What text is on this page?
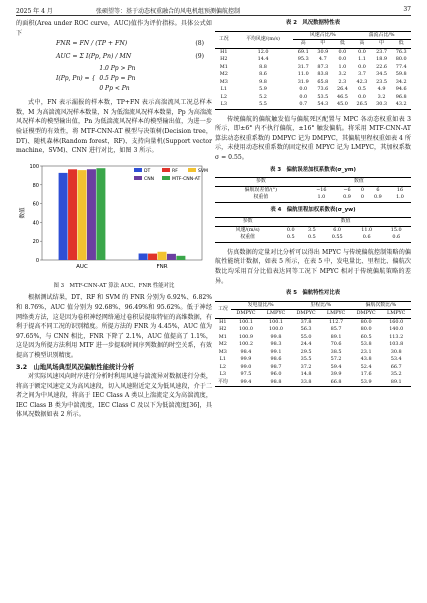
2025 年 4 月	张硕望等：基于动态权重融合的风电机组预测偏航控制	37

的面积(Area under ROC curve，AUC)值作为评价指标。具体公式如下

FNR = FN / (TP + FN)	(8)
AUC = Σ I(Pp, Pn) / MN	(9)
I(Pp, Pn) = {
1.0 Pp > Pn
0.5 Pp = Pn
0 Pp < Pn

式中，FN 表示漏报的样本数，TP+FN 表示高湍流风工况总样本数，M 为高湍流风况样本数量，N 为低湍流风况样本数量，Pp 为高湍流风况样本的模型输出值，Pn 为低湍流风况样本的模型输出值，为进一步验证模型的有效性，将 MTF-CNN-AT 模型与决策树(Decision tree，DT)、随机森林(Random forest，RF)、支持向量机(Support vector machine，SVM)、CNN 进行对比，如图 3 所示。

0
20
40
60
80
100
数值
AUC	FNR
DT	RF	SVM
CNN	MTF-CNN-AT
图 3　MTF-CNN-AT 算法 AUC、FNR 性能对比

根据测试结果，DT、RF 和 SVM 的 FNR 分别为 6.92%、6.82%和 8.76%，AUC 值分别为 92.68%、96.49%和 95.62%。低于神经网络类方法，这是因为卷积神经网络通过卷积层提取特征的高维数据，有利于提高不同工况的识别精度。所提方法的 FNR 为 4.45%，AUC 值为 97.65%，与 CNN 相比，FNR 下降了 2.1%，AUC 值提高了 1.1%，这是因为所提方法利用 MTF 进一步提取时间序列数据的时空关系，有效提高了模型识别精度。

3.2　山地风场典型风况偏航性能统计分析

对实际风速风向时序进行分析时利用风速与湍流异对数据进行分类，将高于额定风速定义为高风速段，切入风速附近定义为低风速段，介于二者之间为中风速段，将高于 IEC Class A 类以上湍流定义为高湍流度，IEC Class B 类为中湍流度，IEC Class C 及以下为低湍流度[36]，具体风况数据如表 2 所示。

表 2　风况数据特性表
工况	平均风速/(m/s)	风速占比/%			湍流占比/%		
		高	中	低	高	中	低
H1	12.0	69.1	30.9	0.0	0.0	23.7	76.3
H2	14.4	95.3	4.7	0.0	1.1	18.9	80.0
M1	8.8	31.7	87.3	1.0	0.0	22.6	77.4
M2	8.6	11.0	83.8	3.2	3.7	34.5	59.8
M3	9.8	31.9	65.8	2.3	42.3	23.5	34.2
L1	5.9	0.0	73.6	26.4	0.5	4.9	94.6
L2	5.2	0.0	53.5	46.5	0.0	3.2	96.8
L3	5.5	0.7	54.3	45.0	26.5	30.3	43.2

传统偏航的偏航触发值与偏航死区配置与 MPC 各动态权重如表 3 所示，即±6° 内不执行偏航，±16° 触发偏航。将采用 MTF-CNN-AT 算法动态权重系数的 DMPYC 记为 DMPYC，其偏航里程权重如表 4 所示，未使用动态权重系数的固定权重 MPYC 记为 LMPYC，其加权系数 σ = 0.55。

表 3　偏航误差加权系数表(σ_ym)
参数	数值				
偏航误差值/(°)	−16	−6	0	6	16
权重值	1.0	0.9	0	0.9	1.0
表 4　偏航里程加权系数表(σ_yw)
参数	数值				
风速/(m/s)	0.0	3.5	6.0	11.0	15.0
权重值	0.5	0.5	0.55	0.6	0.6

仿真数据的定量对比分析可以得出 MPYC 与传统偏航控制策略的偏航性能统计数据，如表 5 所示，在表 5 中，发电量比、里程比、偏航次数比均采用百分比值表达同等工况下 MPYC 相对于传统偏航策略的差异。

表 5　偏航特性对比表
工况	发电量比/%		里程比/%		偏航次数比/%	
	DMPYC	LMPYC	DMPYC	LMPYC	DMPYC	LMPYC
H1	100.1	100.1	37.8	112.7	80.0	160.0
H2	100.0	100.0	56.3	85.7	80.0	140.0
M1	100.9	99.8	55.0	89.1	60.5	113.2
M2	100.2	98.3	24.4	70.6	53.8	103.8
M3	98.4	99.1	29.5	38.5	23.1	30.8
L1	99.9	98.6	35.5	57.2	43.8	53.4
L2	99.0	98.7	37.2	59.4	52.4	66.7
L3	97.5	96.0	14.8	39.9	17.6	35.2
平均	99.4	98.8	33.8	66.8	53.9	89.1
